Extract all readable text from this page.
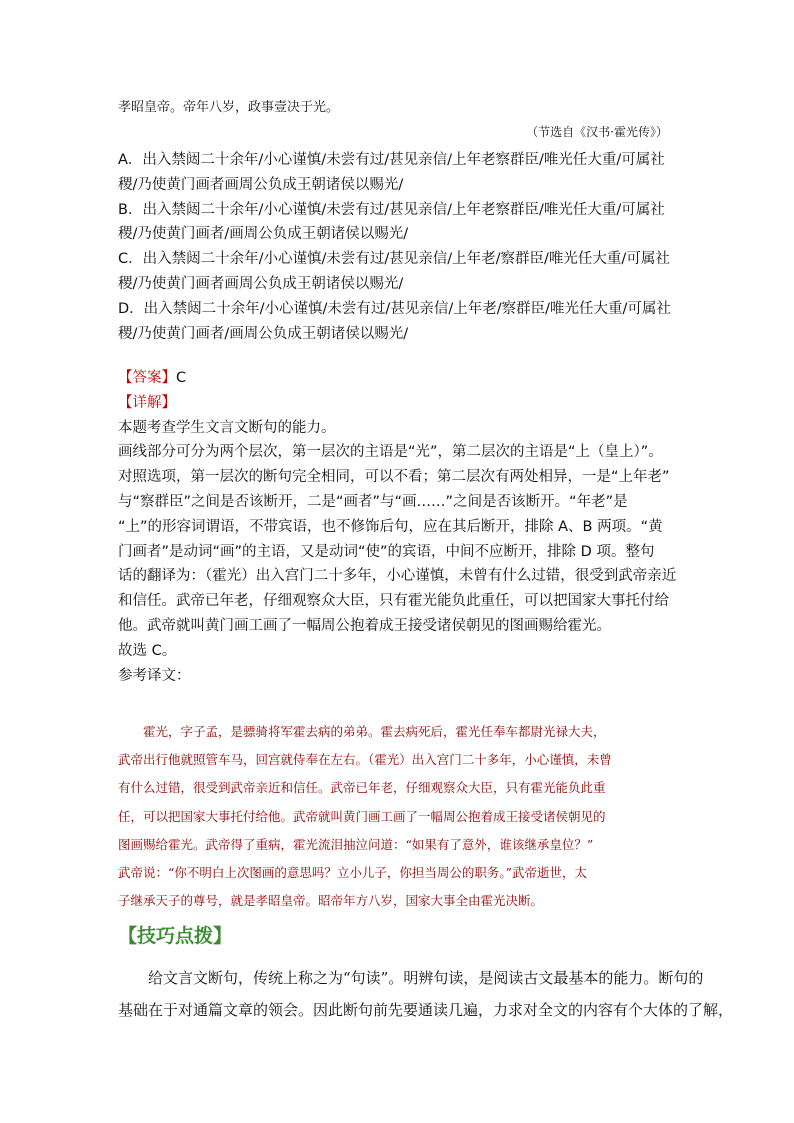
孝昭皇帝。帝年八岁，政事壹决于光。
（节选自《汉书·霍光传》）

A．出入禁闼二十余年/小心谨慎/未尝有过/甚见亲信/上年老察群臣/唯光任大重/可属社

稷/乃使黄门画者画周公负成王朝诸侯以赐光/

B．出入禁闼二十余年/小心谨慎/未尝有过/甚见亲信/上年老察群臣/唯光任大重/可属社

稷/乃使黄门画者/画周公负成王朝诸侯以赐光/

C．出入禁闼二十余年/小心谨慎/未尝有过/甚见亲信/上年老/察群臣/唯光任大重/可属社

稷/乃使黄门画者画周公负成王朝诸侯以赐光/

D．出入禁闼二十余年/小心谨慎/未尝有过/甚见亲信/上年老/察群臣/唯光任大重/可属社

稷/乃使黄门画者/画周公负成王朝诸侯以赐光/

【答案】C

【详解】

本题考查学生文言文断句的能力。

画线部分可分为两个层次，第一层次的主语是“光”，第二层次的主语是“上（皇上）”。

对照选项，第一层次的断句完全相同，可以不看；第二层次有两处相异，一是“上年老”

与“察群臣”之间是否该断开，二是“画者”与“画……”之间是否该断开。“年老”是

“上”的形容词谓语，不带宾语，也不修饰后句，应在其后断开，排除 A、B 两项。“黄

门画者”是动词“画”的主语，又是动词“使”的宾语，中间不应断开，排除 D 项。整句

话的翻译为：（霍光）出入宫门二十多年，小心谨慎，未曾有什么过错，很受到武帝亲近

和信任。武帝已年老，仔细观察众大臣，只有霍光能负此重任，可以把国家大事托付给

他。武帝就叫黄门画工画了一幅周公抱着成王接受诸侯朝见的图画赐给霍光。

故选 C。

参考译文：

　　霍光，字子孟，是骠骑将军霍去病的弟弟。霍去病死后，霍光任奉车都尉光禄大夫，

武帝出行他就照管车马，回宫就侍奉在左右。（霍光）出入宫门二十多年，小心谨慎，未曾

有什么过错，很受到武帝亲近和信任。武帝已年老，仔细观察众大臣，只有霍光能负此重

任，可以把国家大事托付给他。武帝就叫黄门画工画了一幅周公抱着成王接受诸侯朝见的

图画赐给霍光。武帝得了重病，霍光流泪抽泣问道：“如果有了意外，谁该继承皇位？”

武帝说：“你不明白上次图画的意思吗？立小儿子，你担当周公的职务。”武帝逝世，太

子继承天子的尊号，就是孝昭皇帝。昭帝年方八岁，国家大事全由霍光决断。

【技巧点拨】

　　给文言文断句，传统上称之为“句读”。明辨句读，是阅读古文最基本的能力。断句的

基础在于对通篇文章的领会。因此断句前先要通读几遍，力求对全文的内容有个大体的了解，
